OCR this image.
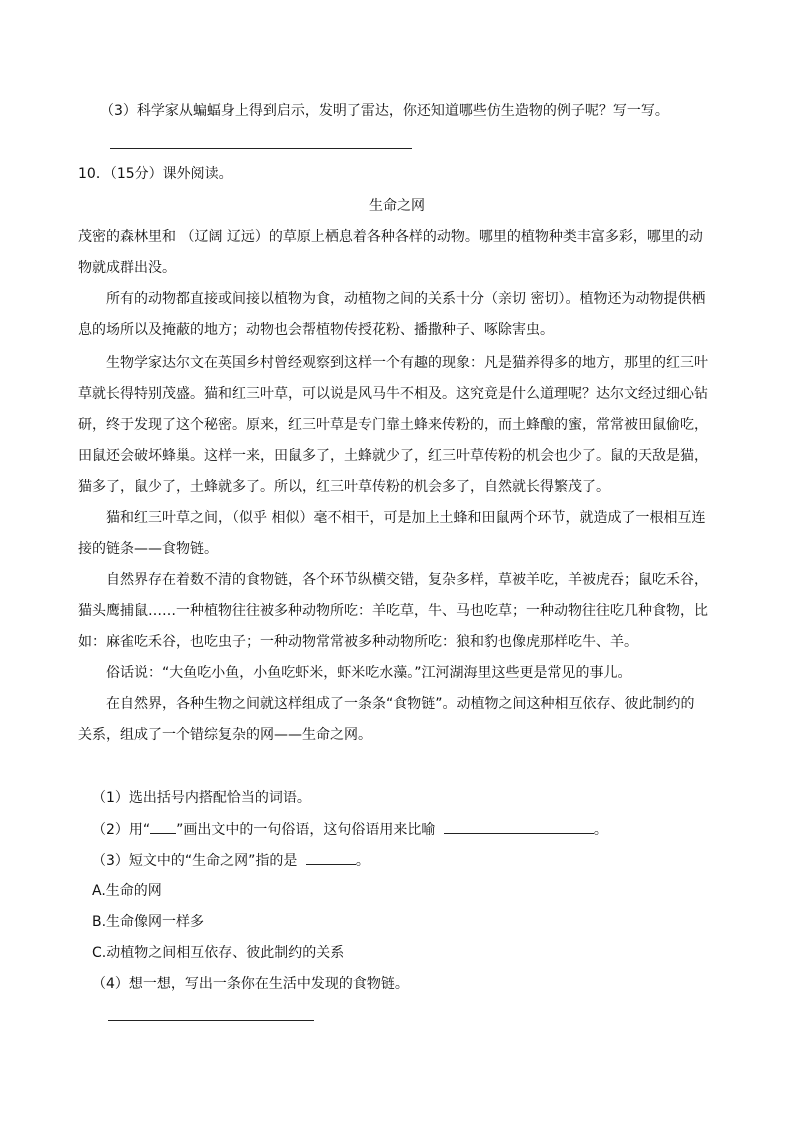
（3）科学家从蝙蝠身上得到启示，发明了雷达，你还知道哪些仿生造物的例子呢？写一写。
10．（15分）课外阅读。
生命之网
茂密的森林里和 （辽阔 辽远）的草原上栖息着各种各样的动物。哪里的植物种类丰富多彩，哪里的动
物就成群出没。
所有的动物都直接或间接以植物为食，动植物之间的关系十分（亲切 密切）。植物还为动物提供栖
息的场所以及掩蔽的地方；动物也会帮植物传授花粉、播撒种子、啄除害虫。
生物学家达尔文在英国乡村曾经观察到这样一个有趣的现象：凡是猫养得多的地方，那里的红三叶
草就长得特别茂盛。猫和红三叶草，可以说是风马牛不相及。这究竟是什么道理呢？达尔文经过细心钻
研，终于发现了这个秘密。原来，红三叶草是专门靠土蜂来传粉的，而土蜂酿的蜜，常常被田鼠偷吃，
田鼠还会破坏蜂巢。这样一来，田鼠多了，土蜂就少了，红三叶草传粉的机会也少了。鼠的天敌是猫，
猫多了，鼠少了，土蜂就多了。所以，红三叶草传粉的机会多了，自然就长得繁茂了。
猫和红三叶草之间，（似乎 相似）毫不相干，可是加上土蜂和田鼠两个环节，就造成了一根相互连
接的链条——食物链。
自然界存在着数不清的食物链，各个环节纵横交错，复杂多样，草被羊吃，羊被虎吞；鼠吃禾谷，
猫头鹰捕鼠……一种植物往往被多种动物所吃：羊吃草，牛、马也吃草；一种动物往往吃几种食物，比
如：麻雀吃禾谷，也吃虫子；一种动物常常被多种动物所吃：狼和豹也像虎那样吃牛、羊。
俗话说：“大鱼吃小鱼，小鱼吃虾米，虾米吃水藻。”江河湖海里这些更是常见的事儿。
在自然界，各种生物之间就这样组成了一条条“食物链”。动植物之间这种相互依存、彼此制约的
关系，组成了一个错综复杂的网——生命之网。
（1）选出括号内搭配恰当的词语。
（2）用“ ”画出文中的一句俗语，这句俗语用来比喻	。
（3）短文中的“生命之网”指的是	。
A.生命的网
B.生命像网一样多
C.动植物之间相互依存、彼此制约的关系
（4）想一想，写出一条你在生活中发现的食物链。
